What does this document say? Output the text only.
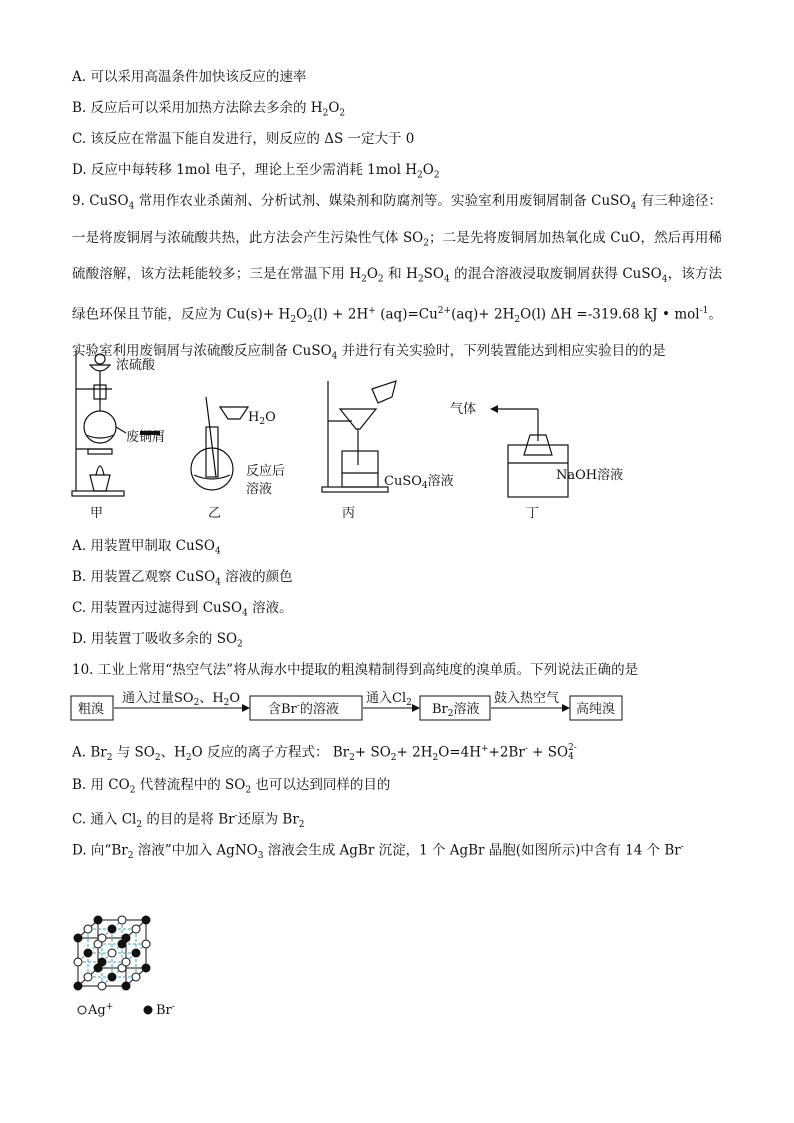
A. 可以采用高温条件加快该反应的速率
B. 反应后可以采用加热方法除去多余的 $H_2O_2$
C. 该反应在常温下能自发进行，则反应的 ΔS 一定大于 0
D. 反应中每转移 1mol 电子，理论上至少需消耗 1mol $H_2O_2$
9. CuSO$_4$ 常用作农业杀菌剂、分析试剂、媒染剂和防腐剂等。实验室利用废铜屑制备 CuSO$_4$ 有三种途径：一是将废铜屑与浓硫酸共热，此方法会产生污染性气体 $SO_2$；二是先将废铜屑加热氧化成 CuO，然后再用稀硫酸溶解，该方法耗能较多；三是在常温下用 $H_2O_2$ 和 $H_2SO_4$ 的混合溶液浸取废铜屑获得 CuSO$_4$，该方法绿色环保且节能，反应为 $Cu(s)+ H_2O_2(l) + 2H^+$ $(aq)=Cu^{2+}(aq)+ 2H_2O(l)$ ΔH =-319.68 kJ • mol$^{-1}$。实验室利用废铜屑与浓硫酸反应制备 CuSO$_4$ 并进行有关实验时，下列装置能达到相应实验目的的是
浓硫酸
废铜屑
$H_2O$
反应后
溶液
CuSO$_4$溶液
气体
NaOH溶液
甲	乙	丙	丁
A. 用装置甲制取 CuSO$_4$
B. 用装置乙观察 CuSO$_4$ 溶液的颜色
C. 用装置丙过滤得到 CuSO$_4$ 溶液。
D. 用装置丁吸收多余的 $SO_2$
10. 工业上常用“热空气法”将从海水中提取的粗溴精制得到高纯度的溴单质。下列说法正确的是
粗溴
通入过量$SO_2$、$H_2O$
含Br-的溶液
通入$Cl_2$ $Br_2$溶液
鼓入热空气
高纯溴
A. $Br_2$ 与 $SO_2$、$H_2O$ 反应的离子方程式： $Br_2+ SO_2+ 2H_2O=4H^++2Br^-$ + SO 2-
4
B. 用 $CO_2$ 代替流程中的 $SO_2$ 也可以达到同样的目的
C. 通入 $Cl_2$ 的目的是将 Br-还原为 $Br_2$
D. 向“$Br_2$ 溶液”中加入 AgNO$_3$ 溶液会生成 AgBr 沉淀，1 个 AgBr 晶胞(如图所示)中含有 14 个 Br-
Ag+	Br-
